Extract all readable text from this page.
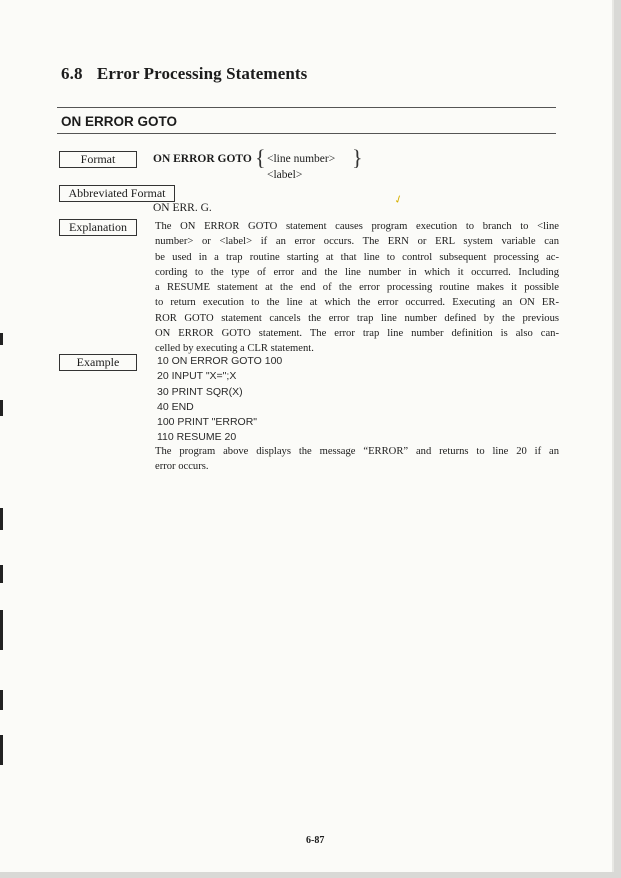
6.8 Error Processing Statements
ON ERROR GOTO
Format	ON ERROR GOTO { <line number>
<label>
}
Abbreviated Format
ON ERR. G.
✓
Explanation	The ON ERROR GOTO statement causes program execution to branch to <line
number> or <label> if an error occurs. The ERN or ERL system variable can
be used in a trap routine starting at that line to control subsequent processing ac-
cording to the type of error and the line number in which it occurred. Including
a RESUME statement at the end of the error processing routine makes it possible
to return execution to the line at which the error occurred. Executing an ON ER-
ROR GOTO statement cancels the error trap line number defined by the previous
ON ERROR GOTO statement. The error trap line number definition is also can-
celled by executing a CLR statement.
Example	10 ON ERROR GOTO 100
20 INPUT "X=";X
30 PRINT SQR(X)
40 END
100 PRINT "ERROR"
110 RESUME 20
The program above displays the message “ERROR” and returns to line 20 if an
error occurs.
6-87
